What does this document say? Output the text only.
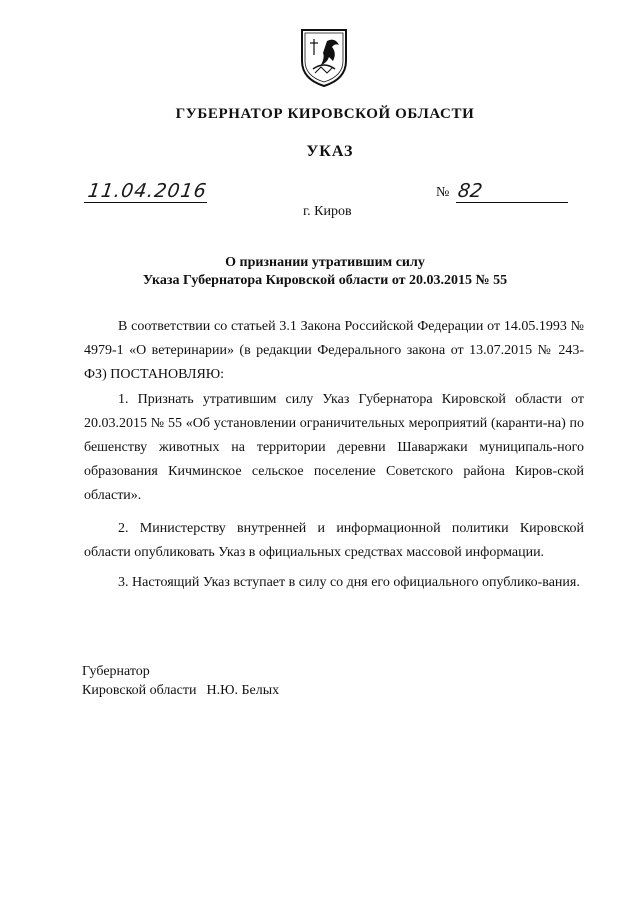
ГУБЕРНАТОР КИРОВСКОЙ ОБЛАСТИ
УКАЗ
11.04.2016	№ 82
г. Киров
О признании утратившим силу
Указа Губернатора Кировской области от 20.03.2015 № 55

В соответствии со статьей 3.1 Закона Российской Федерации от 14.05.1993 № 4979-1 «О ветеринарии» (в редакции Федерального закона от 13.07.2015 № 243-ФЗ) ПОСТАНОВЛЯЮ:

1. Признать утратившим силу Указ Губернатора Кировской области от 20.03.2015 № 55 «Об установлении ограничительных мероприятий (каранти-на) по бешенству животных на территории деревни Шаваржаки муниципаль-ного образования Кичминское сельское поселение Советского района Киров-ской области».

2. Министерству внутренней и информационной политики Кировской области опубликовать Указ в официальных средствах массовой информации.

3. Настоящий Указ вступает в силу со дня его официального опублико-вания.

Губернатор
Кировской области Н.Ю. Белых
